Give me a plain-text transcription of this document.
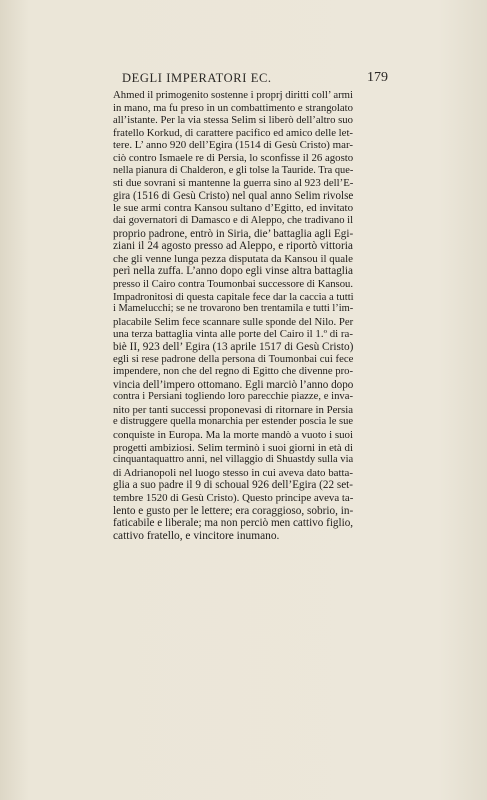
DEGLI IMPERATORI EC.	179
Ahmed il primogenito sostenne i proprj diritti coll’ armi
in mano, ma fu preso in un combattimento e strangolato
all’istante. Per la via stessa Selim si liberò dell’altro suo
fratello Korkud, di carattere pacifico ed amico delle let-
tere. L’ anno 920 dell’Egira (1514 di Gesù Cristo) mar-
ciò contro Ismaele re di Persia, lo sconfisse il 26 agosto
nella pianura di Chalderon, e gli tolse la Tauride. Tra que-
sti due sovrani si mantenne la guerra sino al 923 dell’E-
gira (1516 di Gesù Cristo) nel qual anno Selim rivolse
le sue armi contra Kansou sultano d’Egitto, ed invitato
dai governatori di Damasco e di Aleppo, che tradivano il
proprio padrone, entrò in Siria, die’ battaglia agli Egi-
ziani il 24 agosto presso ad Aleppo, e riportò vittoria
che gli venne lunga pezza disputata da Kansou il quale
perì nella zuffa. L’anno dopo egli vinse altra battaglia
presso il Cairo contra Toumonbai successore di Kansou.
Impadronitosi di questa capitale fece dar la caccia a tutti
i Mamelucchi; se ne trovarono ben trentamila e tutti l’im-
placabile Selim fece scannare sulle sponde del Nilo. Per
una terza battaglia vinta alle porte del Cairo il 1.º di ra-
biè II, 923 dell’ Egira (13 aprile 1517 di Gesù Cristo)
egli si rese padrone della persona di Toumonbai cui fece
impendere, non che del regno di Egitto che divenne pro-
vincia dell’impero ottomano. Egli marciò l’anno dopo
contra i Persiani togliendo loro parecchie piazze, e inva-
nito per tanti successi proponevasi di ritornare in Persia
e distruggere quella monarchia per estender poscia le sue
conquiste in Europa. Ma la morte mandò a vuoto i suoi
progetti ambiziosi. Selim terminò i suoi giorni in età di
cinquantaquattro anni, nel villaggio di Shuastdy sulla via
di Adrianopoli nel luogo stesso in cui aveva dato batta-
glia a suo padre il 9 di schoual 926 dell’Egira (22 set-
tembre 1520 di Gesù Cristo). Questo principe aveva ta-
lento e gusto per le lettere; era coraggioso, sobrio, in-
faticabile e liberale; ma non perciò men cattivo figlio,
cattivo fratello, e vincitore inumano.
